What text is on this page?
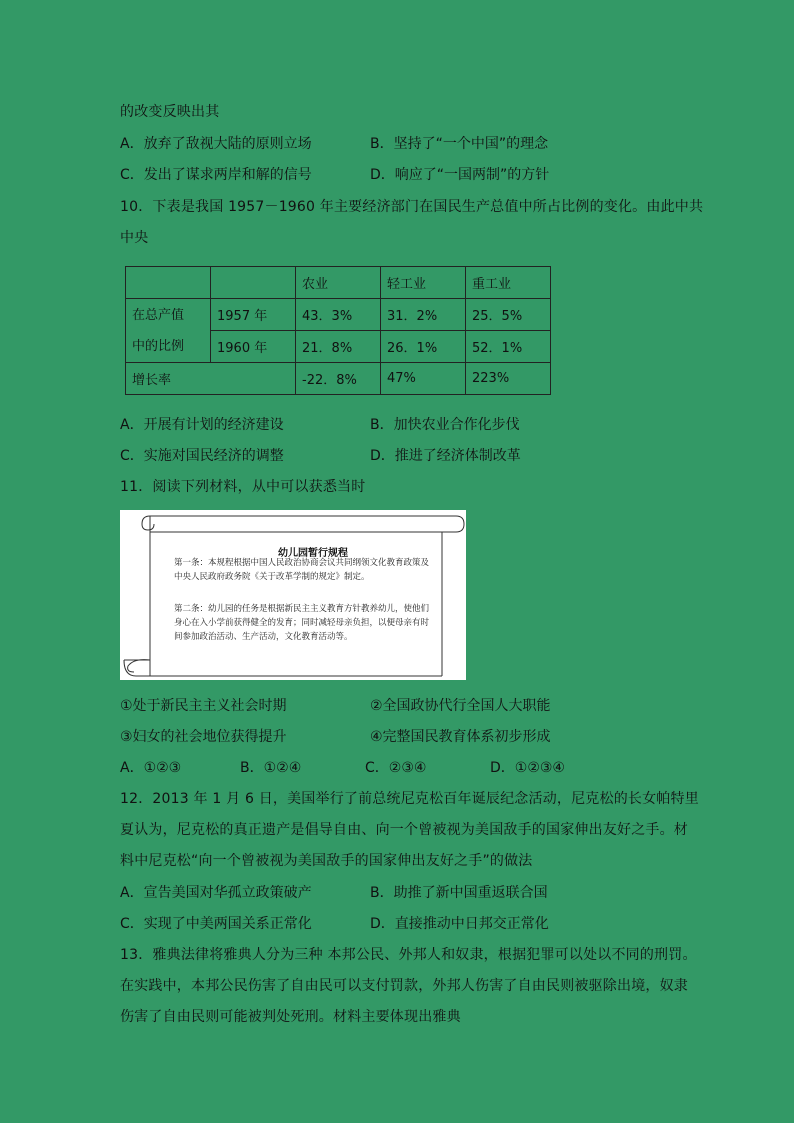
的改变反映出其
A．放弃了敌视大陆的原则立场	B．坚持了“一个中国”的理念
C．发出了谋求两岸和解的信号	D．响应了“一国两制”的方针
10．下表是我国 1957－1960 年主要经济部门在国民生产总值中所占比例的变化。由此中共
中央
		农业	轻工业	重工业

在总产值
中的比例	1957 年	43．3%	31．2%	25．5%
	1960 年	21．8%	26．1%	52．1%
增长率		-22．8%	47%	223%
A．开展有计划的经济建设	B．加快农业合作化步伐
C．实施对国民经济的调整	D．推进了经济体制改革
11．阅读下列材料，从中可以获悉当时
幼儿园暂行规程
第一条：本规程根据中国人民政治协商会议共同纲领文化教育政策及中央人民政府政务院《关于改革学制的规定》制定。
第二条：幼儿园的任务是根据新民主主义教育方针教养幼儿，使他们身心在入小学前获得健全的发育；同时减轻母亲负担，以便母亲有时间参加政治活动、生产活动，文化教育活动等。
①处于新民主主义社会时期	②全国政协代行全国人大职能
③妇女的社会地位获得提升	④完整国民教育体系初步形成
A．①②③	B．①②④	C．②③④	D．①②③④
12．2013 年 1 月 6 日，美国举行了前总统尼克松百年诞辰纪念活动，尼克松的长女帕特里
夏认为，尼克松的真正遗产是倡导自由、向一个曾被视为美国敌手的国家伸出友好之手。材
料中尼克松“向一个曾被视为美国敌手的国家伸出友好之手”的做法
A．宣告美国对华孤立政策破产	B．助推了新中国重返联合国
C．实现了中美两国关系正常化	D．直接推动中日邦交正常化
13．雅典法律将雅典人分为三种 本邦公民、外邦人和奴隶，根据犯罪可以处以不同的刑罚。
在实践中，本邦公民伤害了自由民可以支付罚款，外邦人伤害了自由民则被驱除出境，奴隶
伤害了自由民则可能被判处死刑。材料主要体现出雅典
